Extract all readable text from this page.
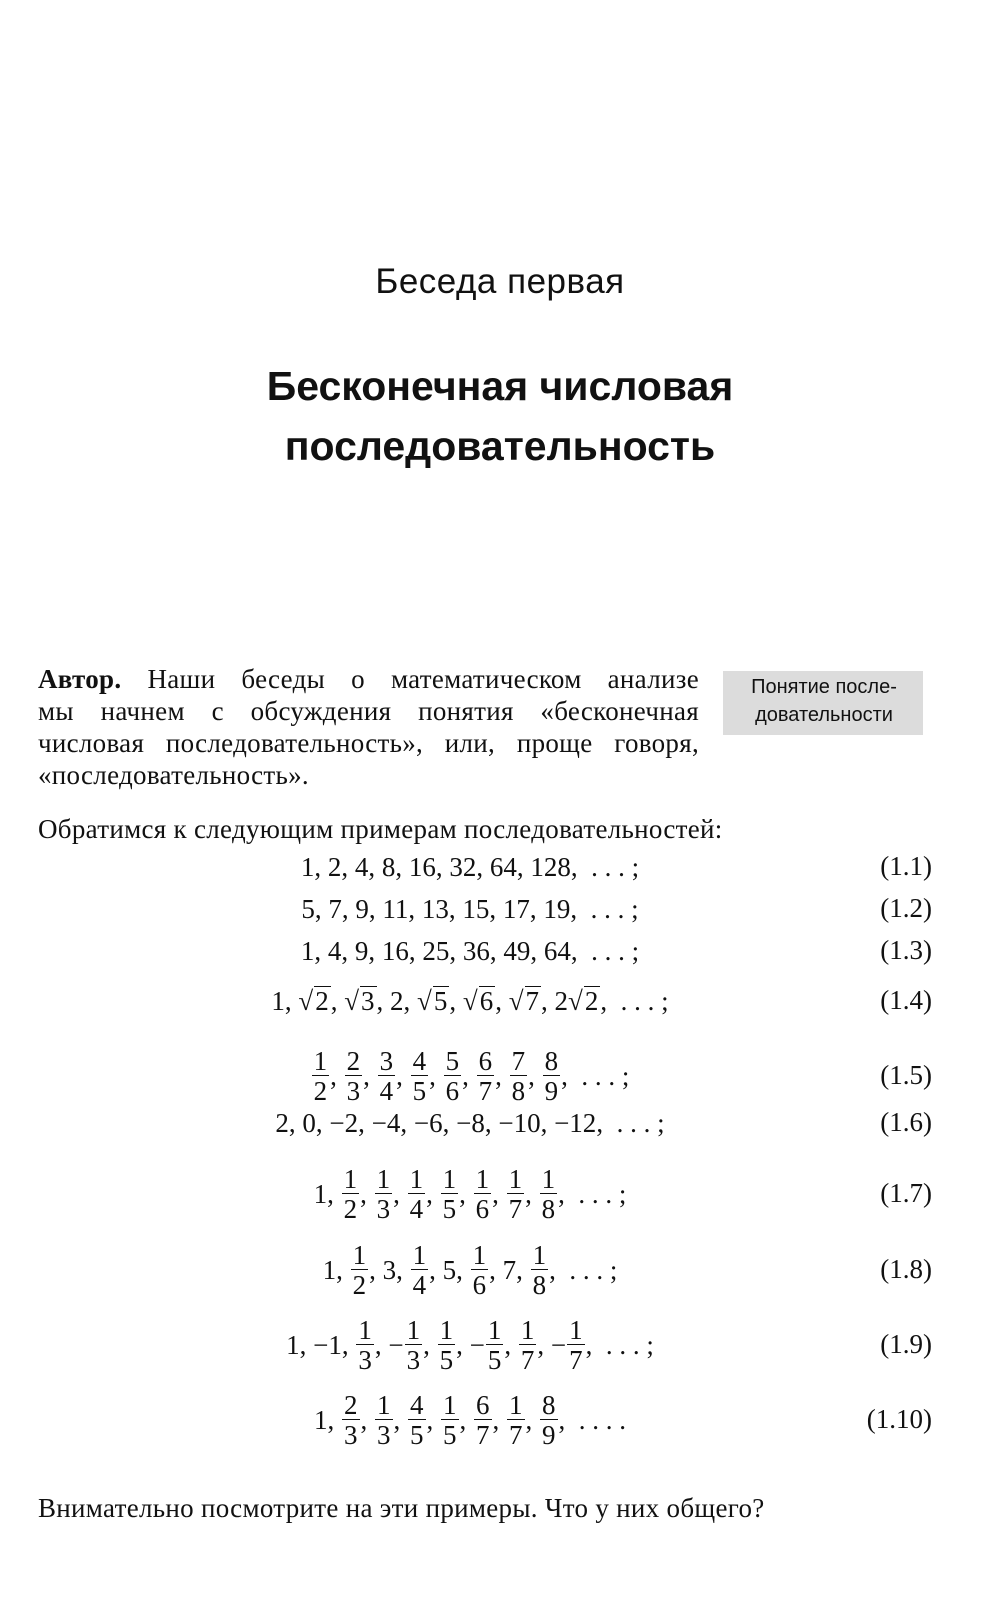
Беседа первая
Бесконечная числовая
последовательность
Автор. Наши беседы о математическом анализе
мы начнем с обсуждения понятия «бесконечная
числовая последовательность», или, проще говоря,
«последовательность».
Понятие после-
довательности
Обратимся к следующим примерам последовательностей:
1, 2, 4, 8, 16, 32, 64, 128,  . . . ;	(1.1)
5, 7, 9, 11, 13, 15, 17, 19,  . . . ;	(1.2)
1, 4, 9, 16, 25, 36, 49, 64,  . . . ;	(1.3)
1, √ 2 , √ 3 , 2, √ 5 , √ 6 , √ 7 , 2√ 2 ,  . . . ;	(1.4)
$\frac{1}{2}$ , $\frac{2}{3}$ , $\frac{3}{4}$ , $\frac{4}{5}$ , $\frac{5}{6}$ , $\frac{6}{7}$ , $\frac{7}{8}$ , $\frac{8}{9}$ ,  . . . ;	(1.5)
2, 0, −2, −4, −6, −8, −10, −12,  . . . ;	(1.6)
1, $\frac{1}{2}$ , $\frac{1}{3}$ , $\frac{1}{4}$ , $\frac{1}{5}$ , $\frac{1}{6}$ , $\frac{1}{7}$ , $\frac{1}{8}$ ,  . . . ;	(1.7)
1, $\frac{1}{2}$ , 3, $\frac{1}{4}$ , 5, $\frac{1}{6}$ , 7, $\frac{1}{8}$ ,  . . . ;	(1.8)
1, −1, $\frac{1}{3}$ , − $\frac{1}{3}$ , $\frac{1}{5}$ , − $\frac{1}{5}$ , $\frac{1}{7}$ , − $\frac{1}{7}$ ,  . . . ;	(1.9)
1, $\frac{2}{3}$ , $\frac{1}{3}$ , $\frac{4}{5}$ , $\frac{1}{5}$ , $\frac{6}{7}$ , $\frac{1}{7}$ , $\frac{8}{9}$ ,  . . . .	(1.10)
Внимательно посмотрите на эти примеры. Что у них общего?
